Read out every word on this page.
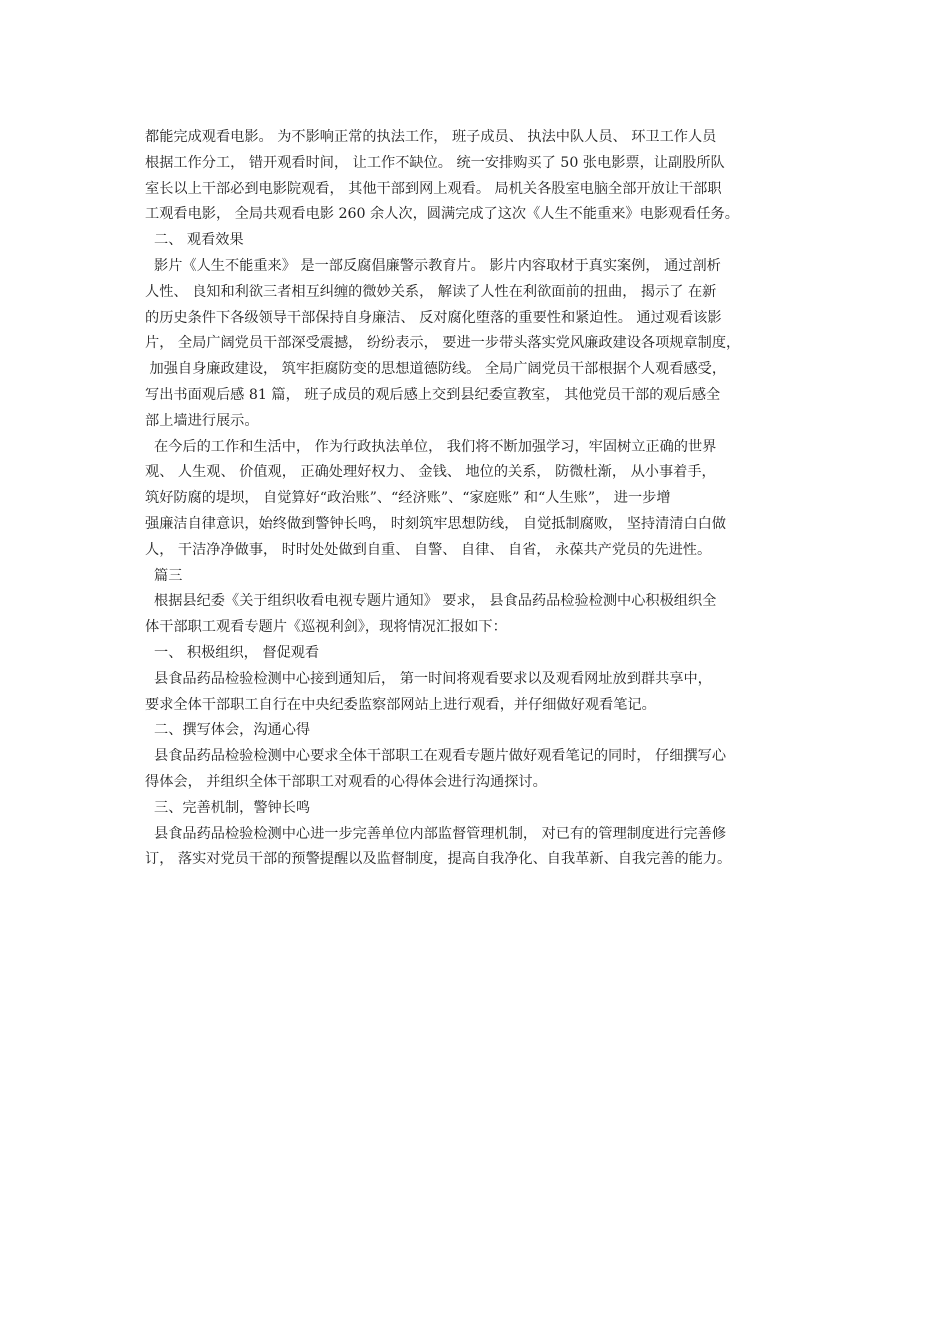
都能完成观看电影。 为不影响正常的执法工作， 班子成员、 执法中队人员、 环卫工作人员
根据工作分工， 错开观看时间， 让工作不缺位。 统一安排购买了 50 张电影票，让副股所队
室长以上干部必到电影院观看， 其他干部到网上观看。 局机关各股室电脑全部开放让干部职
工观看电影， 全局共观看电影 260 余人次，圆满完成了这次《人生不能重来》电影观看任务。
二、 观看效果
影片《人生不能重来》 是一部反腐倡廉警示教育片。 影片内容取材于真实案例， 通过剖析
人性、 良知和利欲三者相互纠缠的微妙关系， 解读了人性在利欲面前的扭曲， 揭示了 在新
的历史条件下各级领导干部保持自身廉洁、 反对腐化堕落的重要性和紧迫性。 通过观看该影
片， 全局广阔党员干部深受震撼， 纷纷表示， 要进一步带头落实党风廉政建设各项规章制度，
加强自身廉政建设， 筑牢拒腐防变的思想道德防线。 全局广阔党员干部根据个人观看感受，
写出书面观后感 81 篇， 班子成员的观后感上交到县纪委宣教室， 其他党员干部的观后感全
部上墙进行展示。
在今后的工作和生活中， 作为行政执法单位， 我们将不断加强学习，牢固树立正确的世界
观、 人生观、 价值观， 正确处理好权力、 金钱、 地位的关系， 防微杜渐， 从小事着手，
筑好防腐的堤坝， 自觉算好“政治账”、“经济账”、“家庭账” 和“人生账”， 进一步增
强廉洁自律意识，始终做到警钟长鸣， 时刻筑牢思想防线， 自觉抵制腐败， 坚持清清白白做
人， 干洁净净做事， 时时处处做到自重、 自警、 自律、 自省， 永葆共产党员的先进性。
篇三
根据县纪委《关于组织收看电视专题片通知》 要求， 县食品药品检验检测中心积极组织全
体干部职工观看专题片《巡视利剑》，现将情况汇报如下：
一、 积极组织， 督促观看
县食品药品检验检测中心接到通知后， 第一时间将观看要求以及观看网址放到群共享中，
要求全体干部职工自行在中央纪委监察部网站上进行观看，并仔细做好观看笔记。
二、撰写体会，沟通心得
县食品药品检验检测中心要求全体干部职工在观看专题片做好观看笔记的同时， 仔细撰写心
得体会， 并组织全体干部职工对观看的心得体会进行沟通探讨。
三、完善机制，警钟长鸣
县食品药品检验检测中心进一步完善单位内部监督管理机制， 对已有的管理制度进行完善修
订， 落实对党员干部的预警提醒以及监督制度，提高自我净化、自我革新、自我完善的能力。
